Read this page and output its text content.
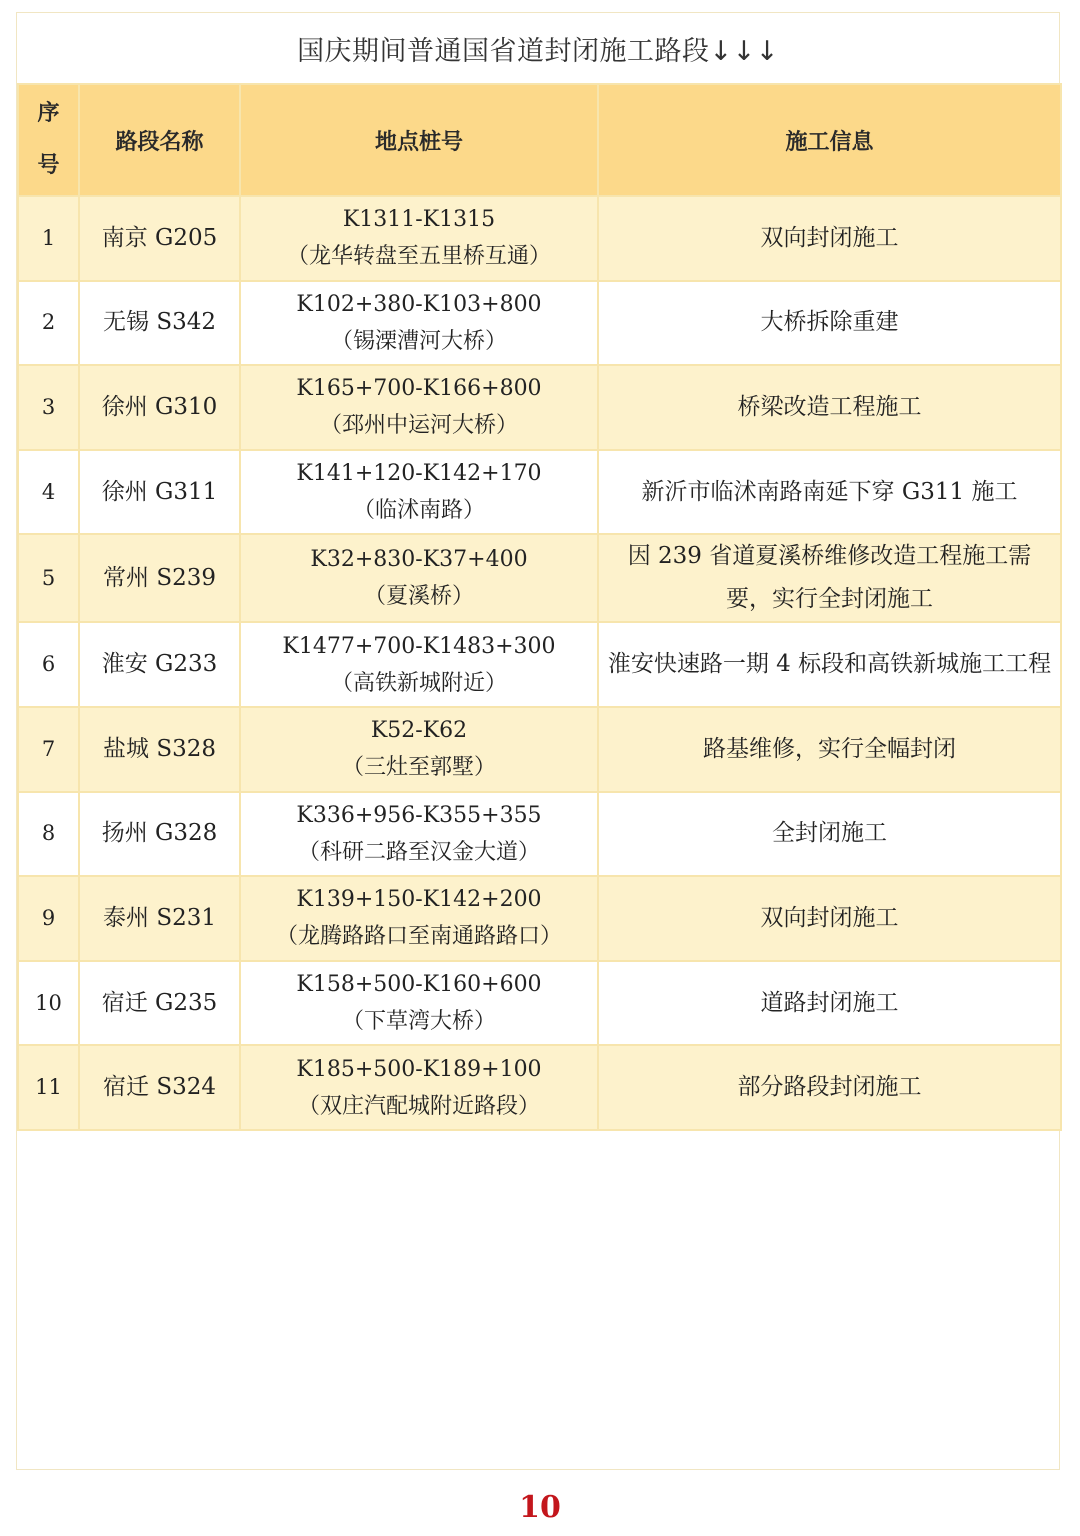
国庆期间普通国省道封闭施工路段↓↓↓
序
号	路段名称	地点桩号	施工信息
1	南京 G205	K1311-K1315
（龙华转盘至五里桥互通）	双向封闭施工
2	无锡 S342	K102+380-K103+800
（锡溧漕河大桥）	大桥拆除重建
3	徐州 G310	K165+700-K166+800
（邳州中运河大桥）	桥梁改造工程施工
4	徐州 G311	K141+120-K142+170
（临沭南路）	新沂市临沭南路南延下穿 G311 施工
5	常州 S239	K32+830-K37+400
（夏溪桥）	因 239 省道夏溪桥维修改造工程施工需要，实行全封闭施工
6	淮安 G233	K1477+700-K1483+300
（高铁新城附近）	淮安快速路一期 4 标段和高铁新城施工工程
7	盐城 S328	K52-K62
（三灶至郭墅）	路基维修，实行全幅封闭
8	扬州 G328	K336+956-K355+355
（科研二路至汉金大道）	全封闭施工
9	泰州 S231	K139+150-K142+200
（龙腾路路口至南通路路口）	双向封闭施工
10	宿迁 G235	K158+500-K160+600
（下草湾大桥）	道路封闭施工
11	宿迁 S324	K185+500-K189+100
（双庄汽配城附近路段）	部分路段封闭施工
10
